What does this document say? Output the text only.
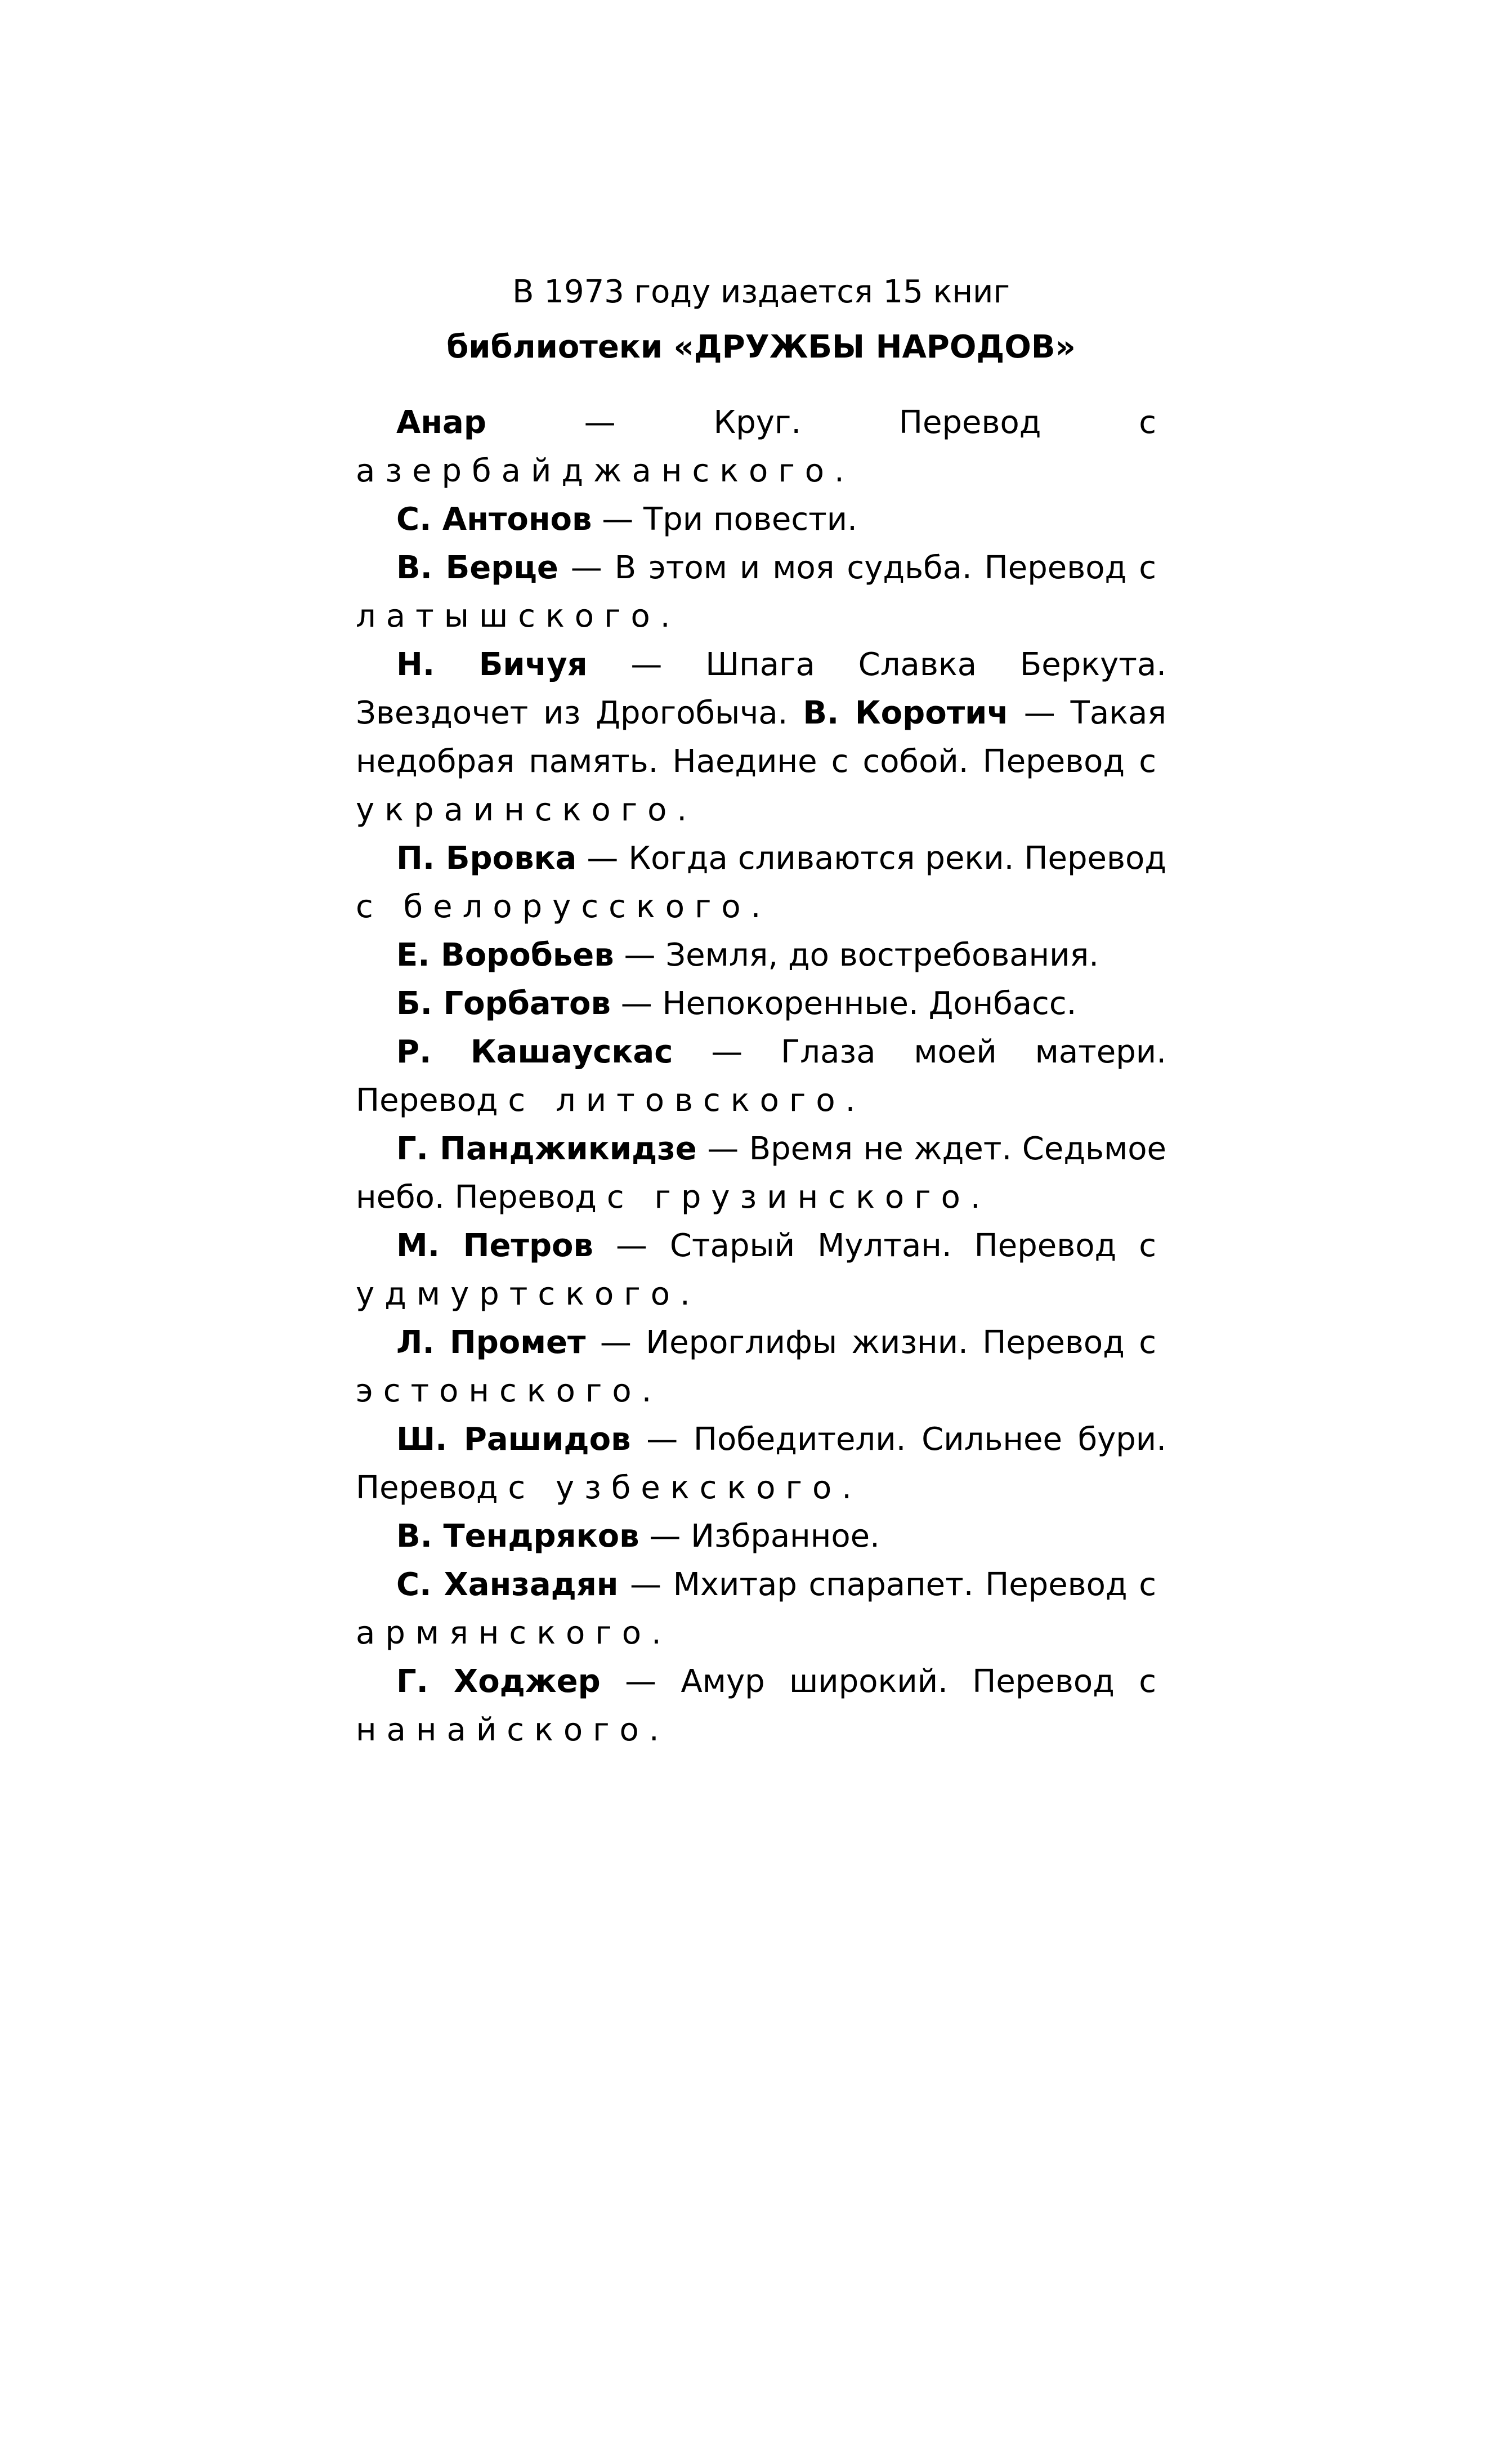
В 1973 году издается 15 книг
библиотеки «ДРУЖБЫ НАРОДОВ»

Анар — Круг. Перевод с азербайджанского.

С. Антонов — Три повести.

В. Берце — В этом и моя судьба. Перевод с латышского.

Н. Бичуя — Шпага Славка Беркута. Звездочет из Дрогобыча. В. Коротич — Такая недобрая память. Наедине с собой. Перевод с украинского.

П. Бровка — Когда сливаются реки. Перевод с белорусского.

Е. Воробьев — Земля, до востребования.

Б. Горбатов — Непокоренные. Донбасс.

Р. Кашаускас — Глаза моей матери. Перевод с литовского.

Г. Панджикидзе — Время не ждет. Седьмое небо. Перевод с грузинского.

М. Петров — Старый Мултан. Перевод с удмуртского.

Л. Промет — Иероглифы жизни. Перевод с эстонского.

Ш. Рашидов — Победители. Сильнее бури. Перевод с узбекского.

В. Тендряков — Избранное.

С. Ханзадян — Мхитар спарапет. Перевод с армянского.

Г. Ходжер — Амур широкий. Перевод с нанайского.
